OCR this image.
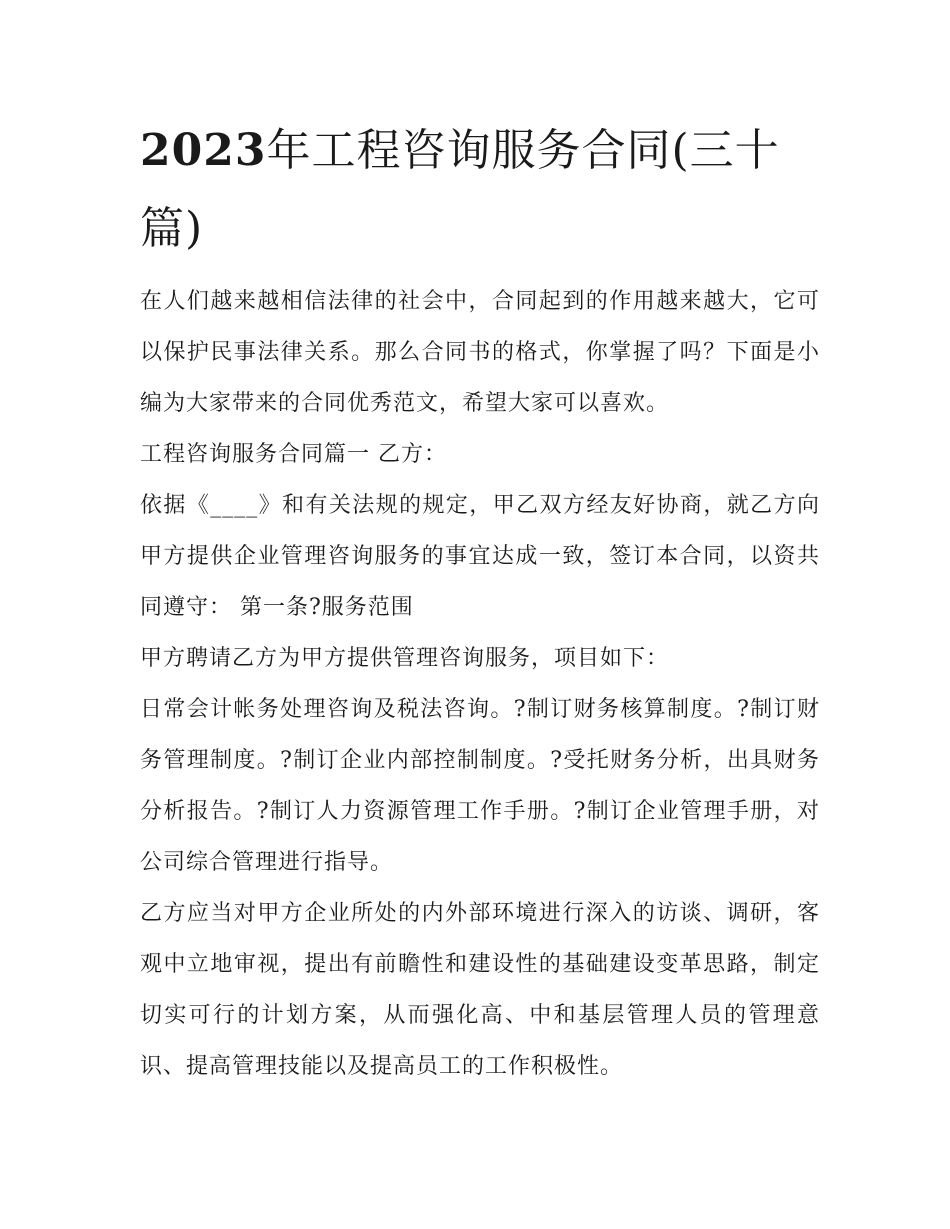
2023年工程咨询服务合同(三十篇)

在人们越来越相信法律的社会中，合同起到的作用越来越大，它可以保护民事法律关系。那么合同书的格式，你掌握了吗？下面是小编为大家带来的合同优秀范文，希望大家可以喜欢。

工程咨询服务合同篇一 乙方：

依据《____》和有关法规的规定，甲乙双方经友好协商，就乙方向甲方提供企业管理咨询服务的事宜达成一致，签订本合同，以资共同遵守： 第一条?服务范围

甲方聘请乙方为甲方提供管理咨询服务，项目如下：

日常会计帐务处理咨询及税法咨询。?制订财务核算制度。?制订财务管理制度。?制订企业内部控制制度。?受托财务分析，出具财务分析报告。?制订人力资源管理工作手册。?制订企业管理手册，对公司综合管理进行指导。

乙方应当对甲方企业所处的内外部环境进行深入的访谈、调研，客观中立地审视，提出有前瞻性和建设性的基础建设变革思路，制定切实可行的计划方案，从而强化高、中和基层管理人员的管理意识、提高管理技能以及提高员工的工作积极性。
